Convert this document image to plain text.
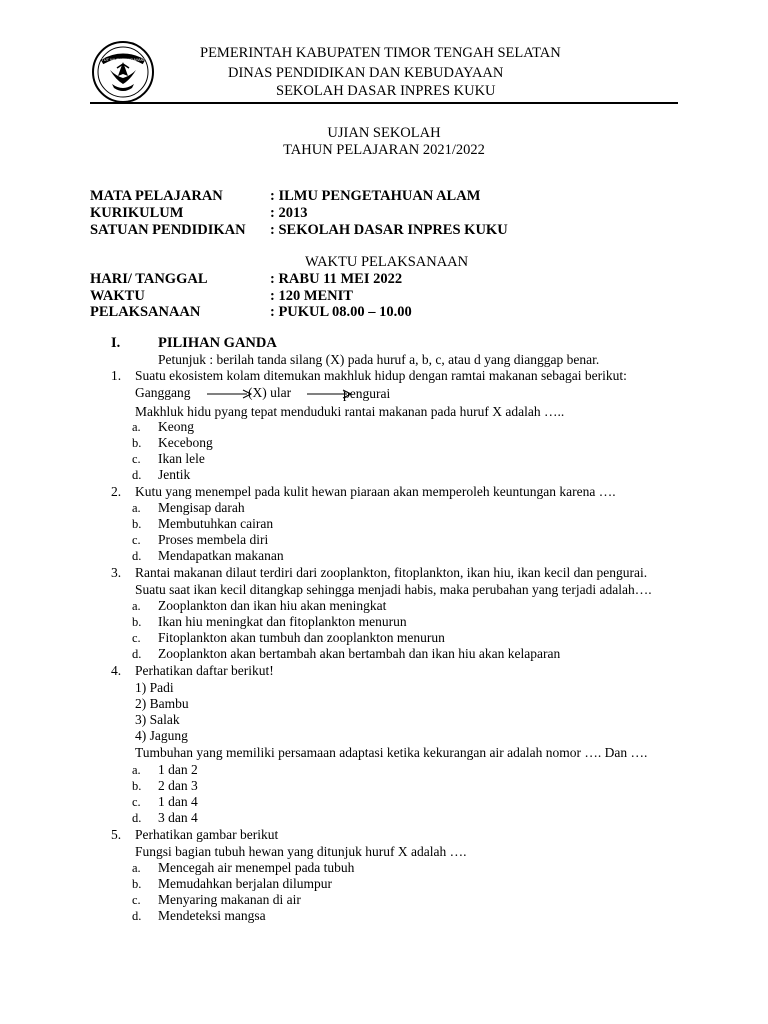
TUT WURI HANDAYANI	PEMERINTAH KABUPATEN TIMOR TENGAH SELATAN
DINAS PENDIDIKAN DAN KEBUDAYAAN
SEKOLAH DASAR INPRES KUKU
UJIAN SEKOLAH
TAHUN PELAJARAN 2021/2022
MATA PELAJARAN	: ILMU PENGETAHUAN ALAM
KURIKULUM	: 2013
SATUAN PENDIDIKAN : SEKOLAH DASAR INPRES KUKU
WAKTU PELAKSANAAN
HARI/ TANGGAL	: RABU 11 MEI 2022
WAKTU	: 120 MENIT
PELAKSANAAN	: PUKUL 08.00 – 10.00
I.	PILIHAN GANDA
Petunjuk : berilah tanda silang (X) pada huruf a, b, c, atau d yang dianggap benar.
1. Suatu ekosistem kolam ditemukan makhluk hidup dengan ramtai makanan sebagai berikut:
Ganggang	(X) ular	pengurai
Makhluk hidu pyang tepat menduduki rantai makanan pada huruf X adalah …..
a. Keong
b. Kecebong
c. Ikan lele
d. Jentik
2. Kutu yang menempel pada kulit hewan piaraan akan memperoleh keuntungan karena ….
a. Mengisap darah
b. Membutuhkan cairan
c. Proses membela diri
d. Mendapatkan makanan
3. Rantai makanan dilaut terdiri dari zooplankton, fitoplankton, ikan hiu, ikan kecil dan pengurai.
Suatu saat ikan kecil ditangkap sehingga menjadi habis, maka perubahan yang terjadi adalah….
a. Zooplankton dan ikan hiu akan meningkat
b. Ikan hiu meningkat dan fitoplankton menurun
c. Fitoplankton akan tumbuh dan zooplankton menurun
d. Zooplankton akan bertambah akan bertambah dan ikan hiu akan kelaparan
4. Perhatikan daftar berikut!
1) Padi
2) Bambu
3) Salak
4) Jagung
Tumbuhan yang memiliki persamaan adaptasi ketika kekurangan air adalah nomor …. Dan ….
a. 1 dan 2
b. 2 dan 3
c. 1 dan 4
d. 3 dan 4
5. Perhatikan gambar berikut
Fungsi bagian tubuh hewan yang ditunjuk huruf X adalah ….
a. Mencegah air menempel pada tubuh
b. Memudahkan berjalan dilumpur
c. Menyaring makanan di air
d. Mendeteksi mangsa
